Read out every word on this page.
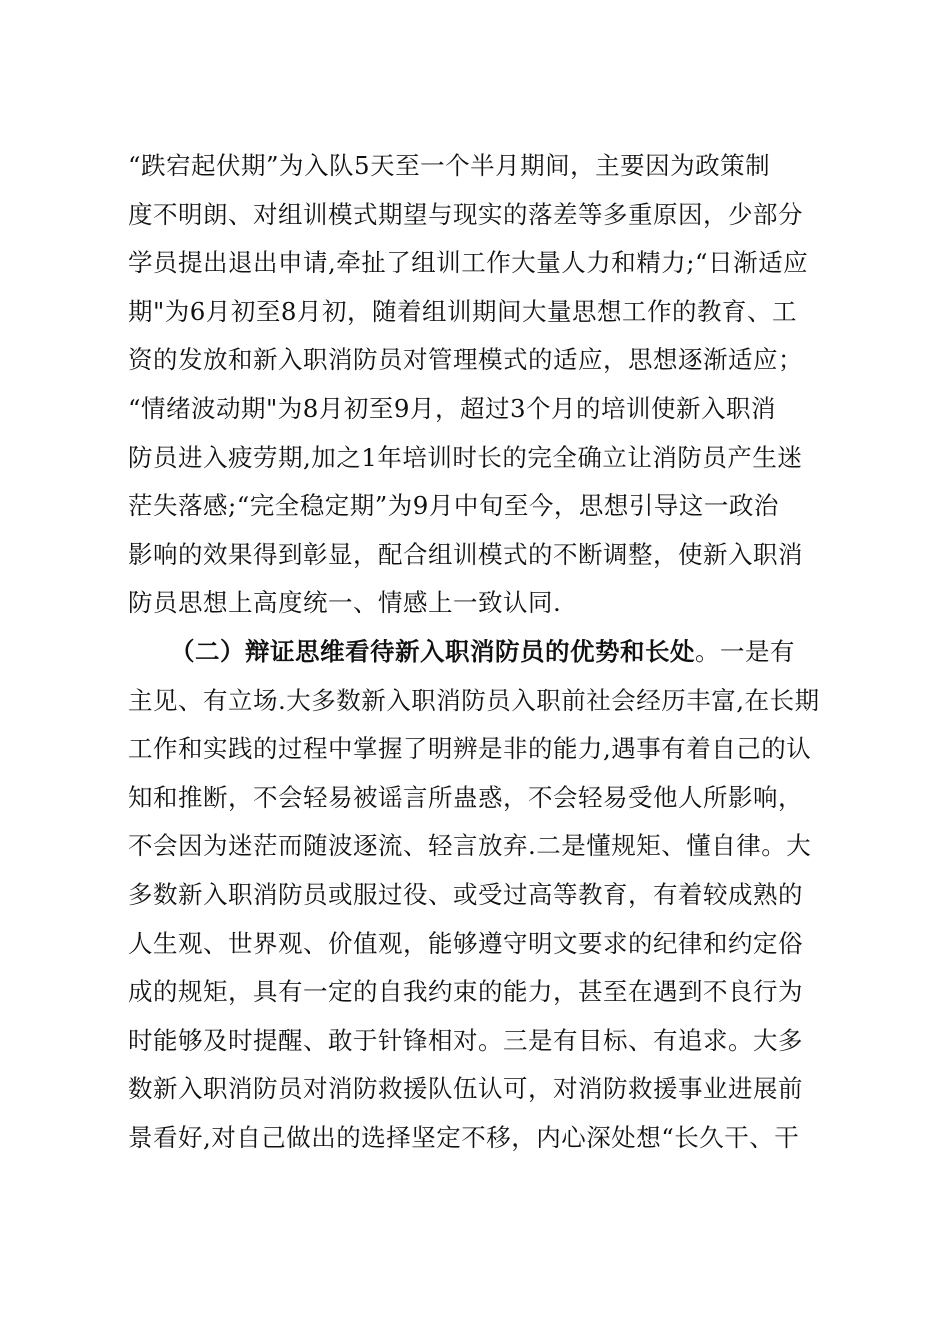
“跌宕起伏期”为入队5天至一个半月期间，主要因为政策制
度不明朗、对组训模式期望与现实的落差等多重原因，少部分
学员提出退出申请,牵扯了组训工作大量人力和精力;“日渐适应
期"为6月初至8月初，随着组训期间大量思想工作的教育、工
资的发放和新入职消防员对管理模式的适应，思想逐渐适应；
“情绪波动期"为8月初至9月，超过3个月的培训使新入职消
防员进入疲劳期,加之1年培训时长的完全确立让消防员产生迷
茫失落感;“完全稳定期”为9月中旬至今，思想引导这一政治
影响的效果得到彰显，配合组训模式的不断调整，使新入职消
防员思想上高度统一、情感上一致认同.
（二）辩证思维看待新入职消防员的优势和长处。一是有
主见、有立场.大多数新入职消防员入职前社会经历丰富,在长期
工作和实践的过程中掌握了明辨是非的能力,遇事有着自己的认
知和推断，不会轻易被谣言所蛊惑，不会轻易受他人所影响，
不会因为迷茫而随波逐流、轻言放弃.二是懂规矩、懂自律。大
多数新入职消防员或服过役、或受过高等教育，有着较成熟的
人生观、世界观、价值观，能够遵守明文要求的纪律和约定俗
成的规矩，具有一定的自我约束的能力，甚至在遇到不良行为
时能够及时提醒、敢于针锋相对。三是有目标、有追求。大多
数新入职消防员对消防救援队伍认可，对消防救援事业进展前
景看好,对自己做出的选择坚定不移，内心深处想“长久干、干
